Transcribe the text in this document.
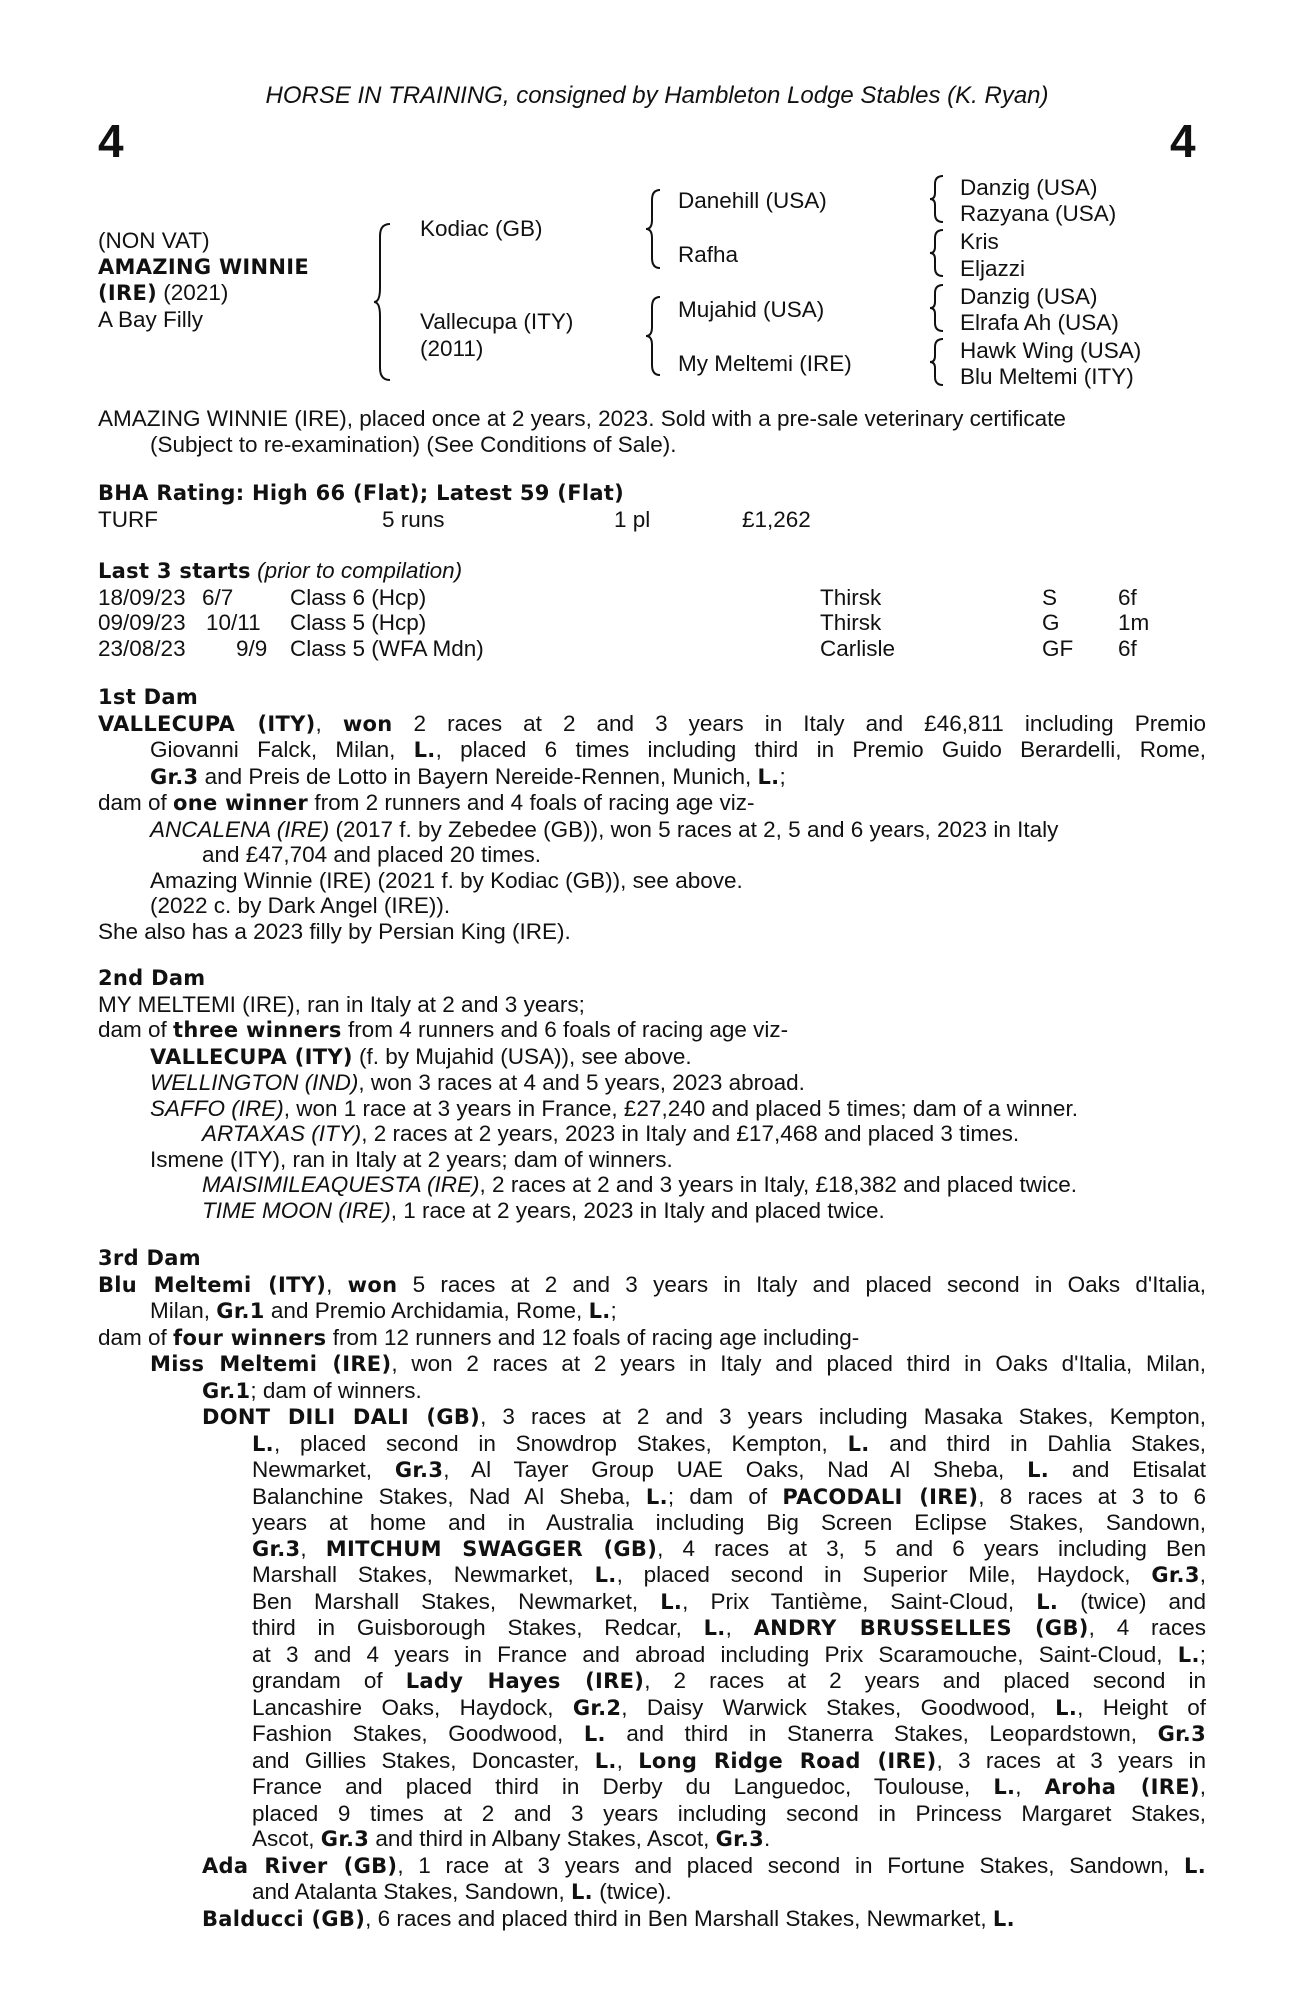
HORSE IN TRAINING, consigned by Hambleton Lodge Stables (K. Ryan)
4	4
(NON VAT)
AMAZING WINNIE
(IRE) (2021)
A Bay Filly
Kodiac (GB)
Vallecupa (ITY)
(2011)
Danehill (USA)
Rafha
Mujahid (USA)
My Meltemi (IRE)
Danzig (USA)
Razyana (USA)
Kris
Eljazzi
Danzig (USA)
Elrafa Ah (USA)
Hawk Wing (USA)
Blu Meltemi (ITY)
AMAZING WINNIE (IRE), placed once at 2 years, 2023. Sold with a pre-sale veterinary certificate
(Subject to re-examination) (See Conditions of Sale).
BHA Rating: High 66 (Flat); Latest 59 (Flat)
TURF	5 runs	1 pl	£1,262
Last 3 starts (prior to compilation)
18/09/23 6/7	Class 6 (Hcp)	Thirsk	S	6f
09/09/23 10/11 Class 5 (Hcp)	Thirsk	G	1m
23/08/23 9/9 Class 5 (WFA Mdn)	Carlisle	GF 6f
1st Dam
VALLECUPA (ITY), won 2 races at 2 and 3 years in Italy and £46,811 including Premio
Giovanni Falck, Milan, L., placed 6 times including third in Premio Guido Berardelli, Rome,
Gr.3 and Preis de Lotto in Bayern Nereide-Rennen, Munich, L.;
dam of one winner from 2 runners and 4 foals of racing age viz-
ANCALENA (IRE) (2017 f. by Zebedee (GB)), won 5 races at 2, 5 and 6 years, 2023 in Italy
and £47,704 and placed 20 times.
Amazing Winnie (IRE) (2021 f. by Kodiac (GB)), see above.
(2022 c. by Dark Angel (IRE)).
She also has a 2023 filly by Persian King (IRE).
2nd Dam
MY MELTEMI (IRE), ran in Italy at 2 and 3 years;
dam of three winners from 4 runners and 6 foals of racing age viz-
VALLECUPA (ITY) (f. by Mujahid (USA)), see above.
WELLINGTON (IND), won 3 races at 4 and 5 years, 2023 abroad.
SAFFO (IRE), won 1 race at 3 years in France, £27,240 and placed 5 times; dam of a winner.
ARTAXAS (ITY), 2 races at 2 years, 2023 in Italy and £17,468 and placed 3 times.
Ismene (ITY), ran in Italy at 2 years; dam of winners.
MAISIMILEAQUESTA (IRE), 2 races at 2 and 3 years in Italy, £18,382 and placed twice.
TIME MOON (IRE), 1 race at 2 years, 2023 in Italy and placed twice.
3rd Dam
Blu Meltemi (ITY), won 5 races at 2 and 3 years in Italy and placed second in Oaks d'Italia,
Milan, Gr.1 and Premio Archidamia, Rome, L.;
dam of four winners from 12 runners and 12 foals of racing age including-
Miss Meltemi (IRE), won 2 races at 2 years in Italy and placed third in Oaks d'Italia, Milan,
Gr.1; dam of winners.
DONT DILI DALI (GB), 3 races at 2 and 3 years including Masaka Stakes, Kempton,
L., placed second in Snowdrop Stakes, Kempton, L. and third in Dahlia Stakes,
Newmarket, Gr.3, Al Tayer Group UAE Oaks, Nad Al Sheba, L. and Etisalat
Balanchine Stakes, Nad Al Sheba, L.; dam of PACODALI (IRE), 8 races at 3 to 6
years at home and in Australia including Big Screen Eclipse Stakes, Sandown,
Gr.3, MITCHUM SWAGGER (GB), 4 races at 3, 5 and 6 years including Ben
Marshall Stakes, Newmarket, L., placed second in Superior Mile, Haydock, Gr.3,
Ben Marshall Stakes, Newmarket, L., Prix Tantième, Saint-Cloud, L. (twice) and
third in Guisborough Stakes, Redcar, L., ANDRY BRUSSELLES (GB), 4 races
at 3 and 4 years in France and abroad including Prix Scaramouche, Saint-Cloud, L.;
grandam of Lady Hayes (IRE), 2 races at 2 years and placed second in
Lancashire Oaks, Haydock, Gr.2, Daisy Warwick Stakes, Goodwood, L., Height of
Fashion Stakes, Goodwood, L. and third in Stanerra Stakes, Leopardstown, Gr.3
and Gillies Stakes, Doncaster, L., Long Ridge Road (IRE), 3 races at 3 years in
France and placed third in Derby du Languedoc, Toulouse, L., Aroha (IRE),
placed 9 times at 2 and 3 years including second in Princess Margaret Stakes,
Ascot, Gr.3 and third in Albany Stakes, Ascot, Gr.3.
Ada River (GB), 1 race at 3 years and placed second in Fortune Stakes, Sandown, L.
and Atalanta Stakes, Sandown, L. (twice).
Balducci (GB), 6 races and placed third in Ben Marshall Stakes, Newmarket, L.
